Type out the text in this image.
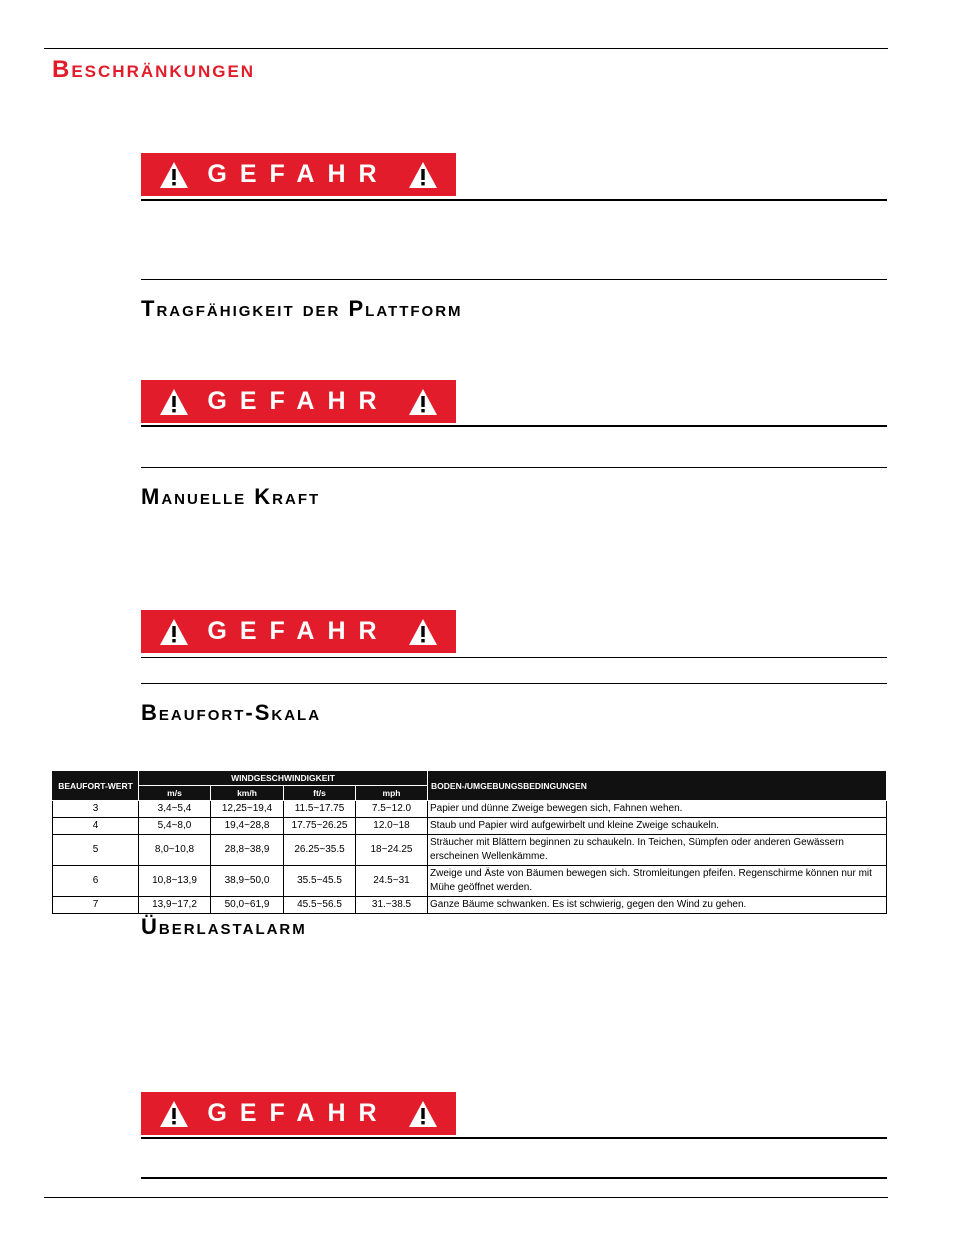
Beschränkungen
GEFAHR
Tragfähigkeit der Plattform
GEFAHR
Manuelle Kraft
GEFAHR
Beaufort-Skala
BEAUFORT-WERT	WINDGESCHWINDIGKEIT				BODEN-/UMGEBUNGSBEDINGUNGEN
	m/s	km/h	ft/s	mph	
3	3,4~5,4	12,25~19,4	11.5~17.75	7.5~12.0	Papier und dünne Zweige bewegen sich, Fahnen wehen.
4	5,4~8,0	19,4~28,8	17.75~26.25	12.0~18	Staub und Papier wird aufgewirbelt und kleine Zweige schaukeln.
5	8,0~10,8	28,8~38,9	26.25~35.5	18~24.25	Sträucher mit Blättern beginnen zu schaukeln. In Teichen, Sümpfen oder anderen Gewässern erscheinen Wellenkämme.
6	10,8~13,9	38,9~50,0	35.5~45.5	24.5~31	Zweige und Äste von Bäumen bewegen sich. Stromleitungen pfeifen. Regenschirme können nur mit Mühe geöffnet werden.
7	13,9~17,2	50,0~61,9	45.5~56.5	31.~38.5	Ganze Bäume schwanken. Es ist schwierig, gegen den Wind zu gehen.
Überlastalarm
GEFAHR
